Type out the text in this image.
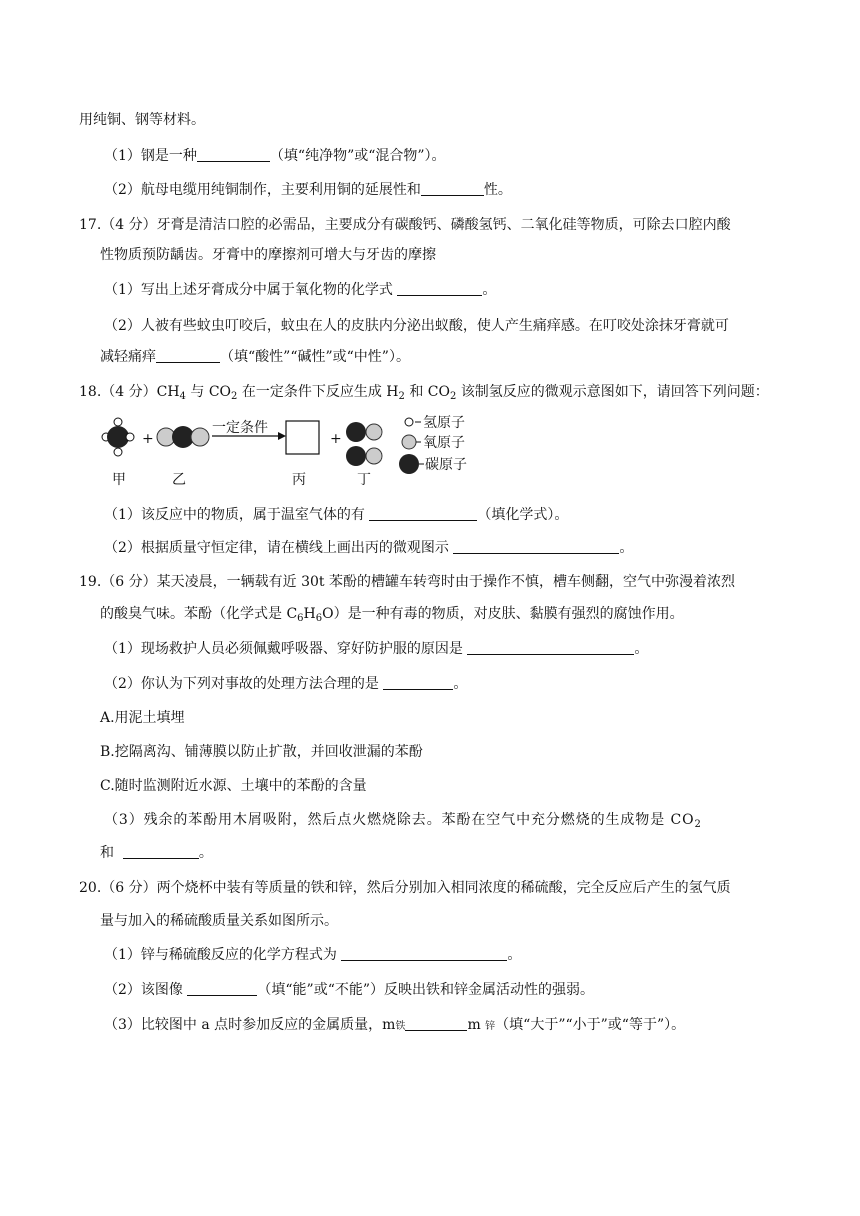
用纯铜、钢等材料。
（1）钢是一种	（填“纯净物”或“混合物”）。
（2）航母电缆用纯铜制作，主要利用铜的延展性和	性。
17.（4 分）牙膏是清洁口腔的必需品，主要成分有碳酸钙、磷酸氢钙、二氧化硅等物质，可除去口腔内酸
性物质预防龋齿。牙膏中的摩擦剂可增大与牙齿的摩擦
（1）写出上述牙膏成分中属于氧化物的化学式	。
（2）人被有些蚊虫叮咬后，蚊虫在人的皮肤内分泌出蚁酸，使人产生痛痒感。在叮咬处涂抹牙膏就可
减轻痛痒	（填“酸性”“碱性”或“中性”）。
18.（4 分）$CH_4$ 与 $CO_2$ 在一定条件下反应生成 $H_2$ 和 $CO_2$ 该制氢反应的微观示意图如下，请回答下列问题：
+
一定条件
+
氢原子
氧原子
碳原子
甲	乙	丙	丁
（1）该反应中的物质，属于温室气体的有	（填化学式）。
（2）根据质量守恒定律，请在横线上画出丙的微观图示	。
19.（6 分）某天凌晨，一辆载有近 30t 苯酚的槽罐车转弯时由于操作不慎，槽车侧翻，空气中弥漫着浓烈
的酸臭气味。苯酚（化学式是 $C_6H_6O$）是一种有毒的物质，对皮肤、黏膜有强烈的腐蚀作用。
（1）现场救护人员必须佩戴呼吸器、穿好防护服的原因是	。
（2）你认为下列对事故的处理方法合理的是	。
A.用泥土填埋
B.挖隔离沟、铺薄膜以防止扩散，并回收泄漏的苯酚
C.随时监测附近水源、土壤中的苯酚的含量
（3）残余的苯酚用木屑吸附，然后点火燃烧除去。苯酚在空气中充分燃烧的生成物是 $CO_2$
和	。
20.（6 分）两个烧杯中装有等质量的铁和锌，然后分别加入相同浓度的稀硫酸，完全反应后产生的氢气质
量与加入的稀硫酸质量关系如图所示。
（1）锌与稀硫酸反应的化学方程式为	。
（2）该图像	（填“能”或“不能”）反映出铁和锌金属活动性的强弱。
（3）比较图中 a 点时参加反应的金属质量，m铁	m 锌（填“大于”“小于”或“等于”）。
